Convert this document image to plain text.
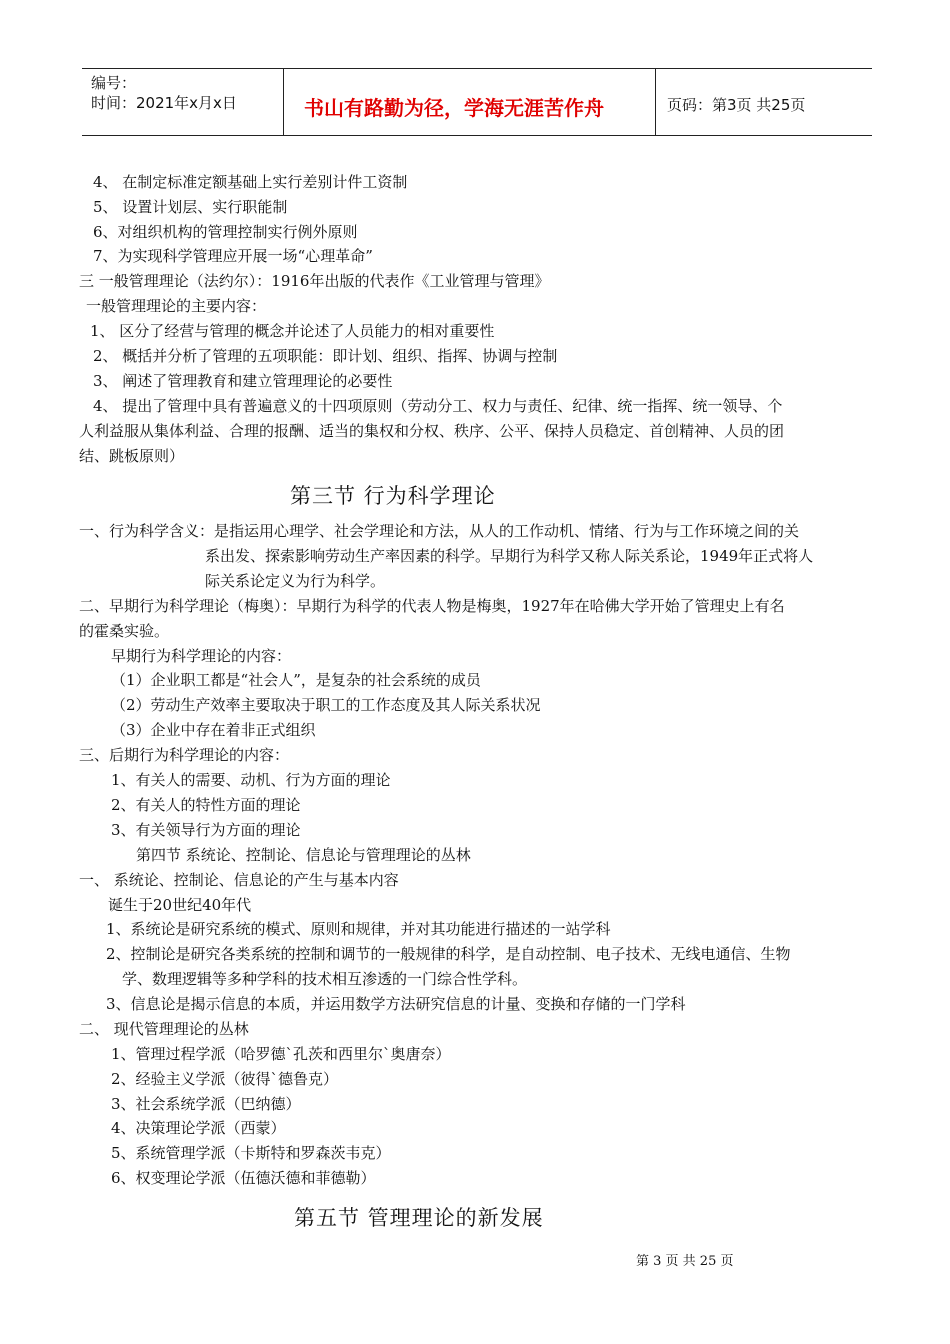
编号：
时间：2021年x月x日	书山有路勤为径，学海无涯苦作舟	页码：第3页 共25页
4、 在制定标准定额基础上实行差别计件工资制
5、 设置计划层、实行职能制
6、对组织机构的管理控制实行例外原则
7、为实现科学管理应开展一场“心理革命”
三 一般管理理论（法约尔）：1916年出版的代表作《工业管理与管理》
一般管理理论的主要内容：
1、 区分了经营与管理的概念并论述了人员能力的相对重要性
2、 概括并分析了管理的五项职能：即计划、组织、指挥、协调与控制
3、 阐述了管理教育和建立管理理论的必要性
4、 提出了管理中具有普遍意义的十四项原则（劳动分工、权力与责任、纪律、统一指挥、统一领导、个
人利益服从集体利益、合理的报酬、适当的集权和分权、秩序、公平、保持人员稳定、首创精神、人员的团
结、跳板原则）
第三节 行为科学理论
一、行为科学含义：是指运用心理学、社会学理论和方法，从人的工作动机、情绪、行为与工作环境之间的关
系出发、探索影响劳动生产率因素的科学。早期行为科学又称人际关系论，1949年正式将人
际关系论定义为行为科学。
二、早期行为科学理论（梅奥）：早期行为科学的代表人物是梅奥，1927年在哈佛大学开始了管理史上有名
的霍桑实验。
早期行为科学理论的内容：
（1）企业职工都是“社会人”，是复杂的社会系统的成员
（2）劳动生产效率主要取决于职工的工作态度及其人际关系状况
（3）企业中存在着非正式组织
三、后期行为科学理论的内容：
1、有关人的需要、动机、行为方面的理论
2、有关人的特性方面的理论
3、有关领导行为方面的理论
第四节 系统论、控制论、信息论与管理理论的丛林
一、 系统论、控制论、信息论的产生与基本内容
诞生于20世纪40年代
1、系统论是研究系统的模式、原则和规律，并对其功能进行描述的一站学科
2、控制论是研究各类系统的控制和调节的一般规律的科学，是自动控制、电子技术、无线电通信、生物
学、数理逻辑等多种学科的技术相互渗透的一门综合性学科。
3、信息论是揭示信息的本质，并运用数学方法研究信息的计量、变换和存储的一门学科
二、 现代管理理论的丛林
1、管理过程学派（哈罗德`孔茨和西里尔`奥唐奈）
2、经验主义学派（彼得`德鲁克）
3、社会系统学派（巴纳德）
4、决策理论学派（西蒙）
5、系统管理学派（卡斯特和罗森茨韦克）
6、权变理论学派（伍德沃德和菲德勒）
第五节 管理理论的新发展
第 3 页 共 25 页
